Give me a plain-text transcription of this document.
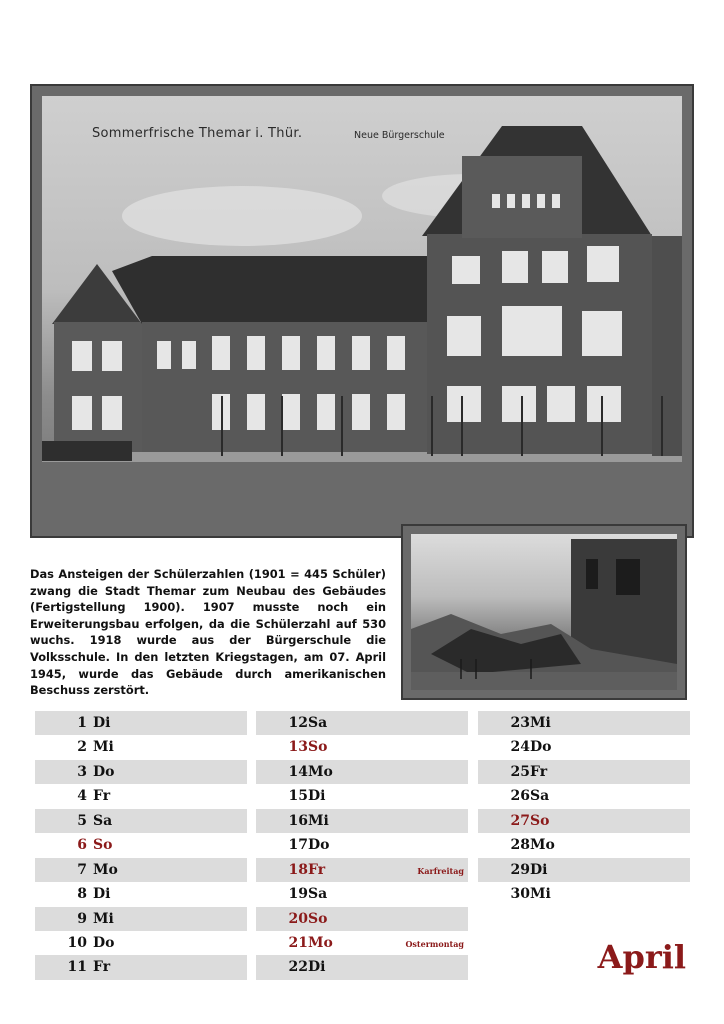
Sommerfrische Themar i. Thür.	Neue Bürgerschule

Das Ansteigen der Schülerzahlen (1901 = 445 Schüler) zwang die Stadt Themar zum Neubau des Gebäudes (Fertigstellung 1900). 1907 musste noch ein Erweiterungsbau erfolgen, da die Schülerzahl auf 530 wuchs. 1918 wurde aus der Bürgerschule die Volksschule. In den letzten Kriegstagen, am 07. April 1945, wurde das Gebäude durch amerikanischen Beschuss zerstört.

1 Di
2 Mi
3 Do
4 Fr
5 Sa
6 So
7 Mo
8 Di
9 Mi
10 Do
11 Fr
12 Sa
13 So
14 Mo
15 Di
16 Mi
17 Do
18 Fr	Karfreitag
19 Sa
20 So
21 Mo	Ostermontag
22 Di
23 Mi
24 Do
25 Fr
26 Sa
27 So
28 Mo
29 Di
30 Mi
April
